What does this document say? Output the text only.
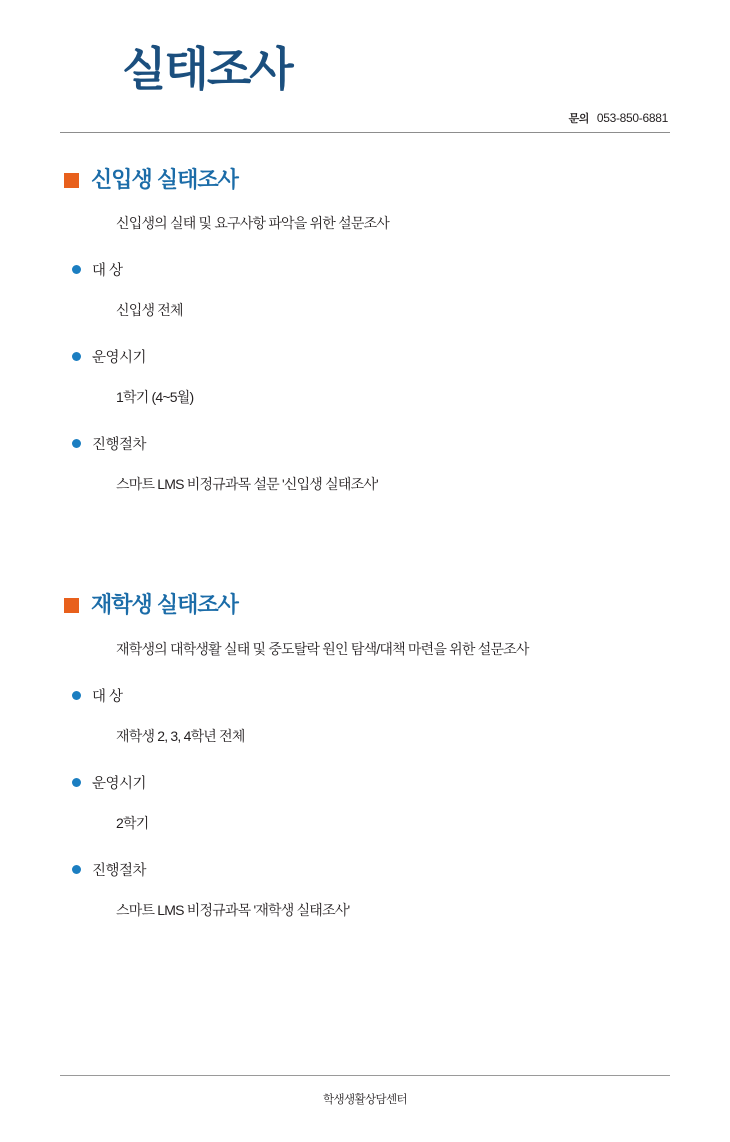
실태조사
문의 053-850-6881
신입생 실태조사
신입생의 실태 및 요구사항 파악을 위한 설문조사
대 상
신입생 전체
운영시기
1학기 (4~5월)
진행절차
스마트 LMS 비정규과목 설문 '신입생 실태조사'
재학생 실태조사
재학생의 대학생활 실태 및 중도탈락 원인 탐색/대책 마련을 위한 설문조사
대 상
재학생 2, 3, 4학년 전체
운영시기
2학기
진행절차
스마트 LMS 비정규과목 '재학생 실태조사'
학생생활상담센터
